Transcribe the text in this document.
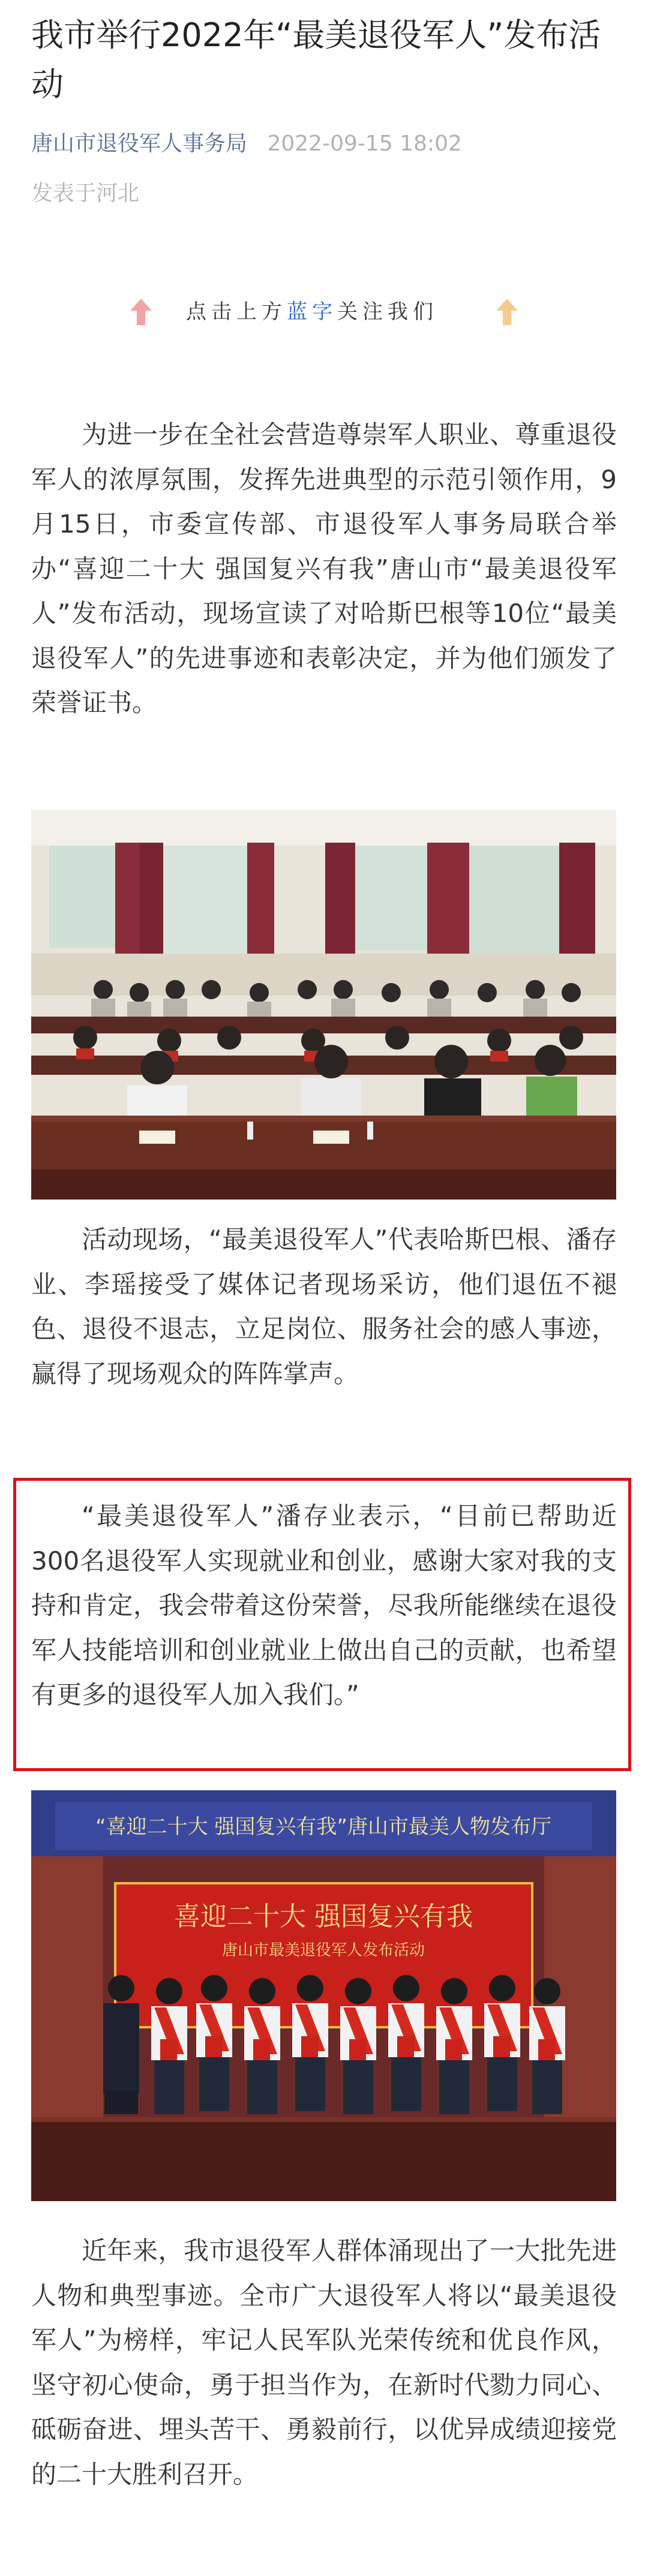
我市举行2022年“最美退役军人”发布活动
唐山市退役军人事务局 2022-09-15 18:02
发表于河北
点击上方蓝字关注我们

为进一步在全社会营造尊崇军人职业、尊重退役军人的浓厚氛围，发挥先进典型的示范引领作用，9月15日，市委宣传部、市退役军人事务局联合举办“喜迎二十大 强国复兴有我”唐山市“最美退役军人”发布活动，现场宣读了对哈斯巴根等10位“最美退役军人”的先进事迹和表彰决定，并为他们颁发了荣誉证书。

活动现场，“最美退役军人”代表哈斯巴根、潘存业、李瑶接受了媒体记者现场采访，他们退伍不褪色、退役不退志，立足岗位、服务社会的感人事迹，赢得了现场观众的阵阵掌声。

“最美退役军人”潘存业表示，“目前已帮助近300名退役军人实现就业和创业，感谢大家对我的支持和肯定，我会带着这份荣誉，尽我所能继续在退役军人技能培训和创业就业上做出自己的贡献，也希望有更多的退役军人加入我们。”

“喜迎二十大 强国复兴有我”唐山市最美人物发布厅
喜迎二十大 强国复兴有我
唐山市最美退役军人发布活动

近年来，我市退役军人群体涌现出了一大批先进人物和典型事迹。全市广大退役军人将以“最美退役军人”为榜样，牢记人民军队光荣传统和优良作风，坚守初心使命，勇于担当作为，在新时代勠力同心、砥砺奋进、埋头苦干、勇毅前行，以优异成绩迎接党的二十大胜利召开。
